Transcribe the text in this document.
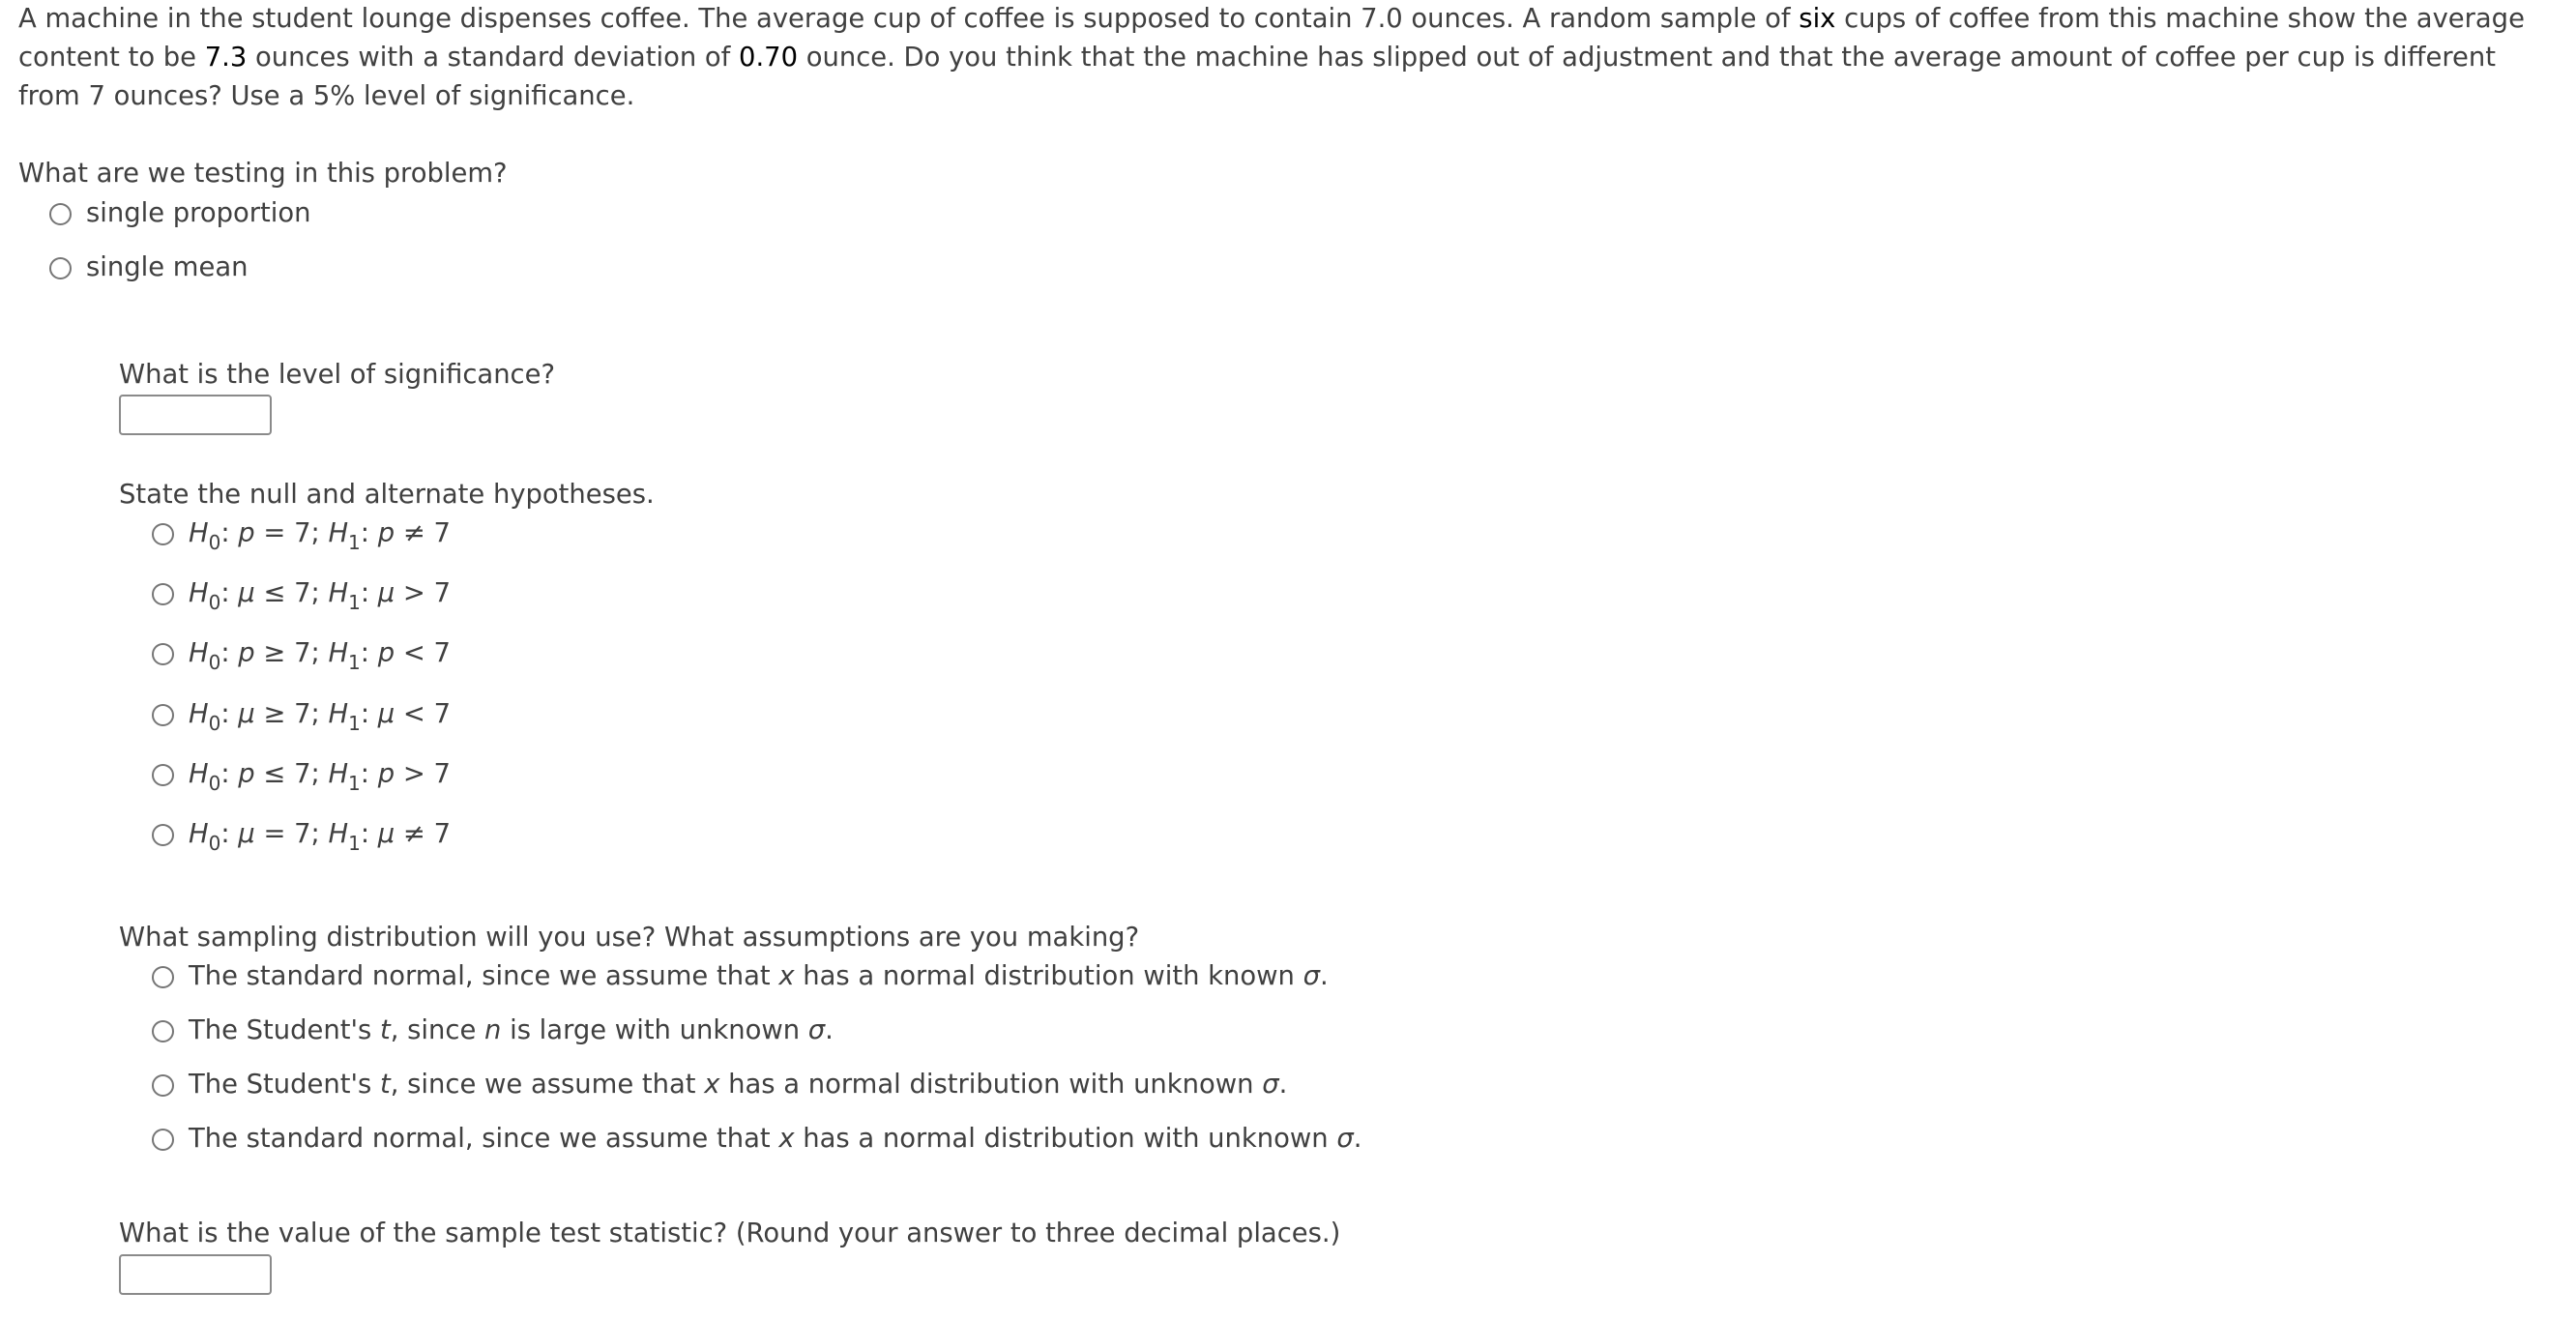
A machine in the student lounge dispenses coffee. The average cup of coffee is supposed to contain 7.0 ounces. A random sample of six cups of coffee from this machine show the average content to be 7.3 ounces with a standard deviation of 0.70 ounce. Do you think that the machine has slipped out of adjustment and that the average amount of coffee per cup is different from 7 ounces? Use a 5% level of significance.

What are we testing in this problem?

single proportion
single mean

What is the level of significance?

State the null and alternate hypotheses.

$H_0$: p = 7; $H_1$: p ≠ 7
$H_0$: μ ≤ 7; $H_1$: μ > 7
$H_0$: p ≥ 7; $H_1$: p < 7
$H_0$: μ ≥ 7; $H_1$: μ < 7
$H_0$: p ≤ 7; $H_1$: p > 7
$H_0$: μ = 7; $H_1$: μ ≠ 7

What sampling distribution will you use? What assumptions are you making?

The standard normal, since we assume that x has a normal distribution with known σ.
The Student's t, since n is large with unknown σ.
The Student's t, since we assume that x has a normal distribution with unknown σ.
The standard normal, since we assume that x has a normal distribution with unknown σ.

What is the value of the sample test statistic? (Round your answer to three decimal places.)
